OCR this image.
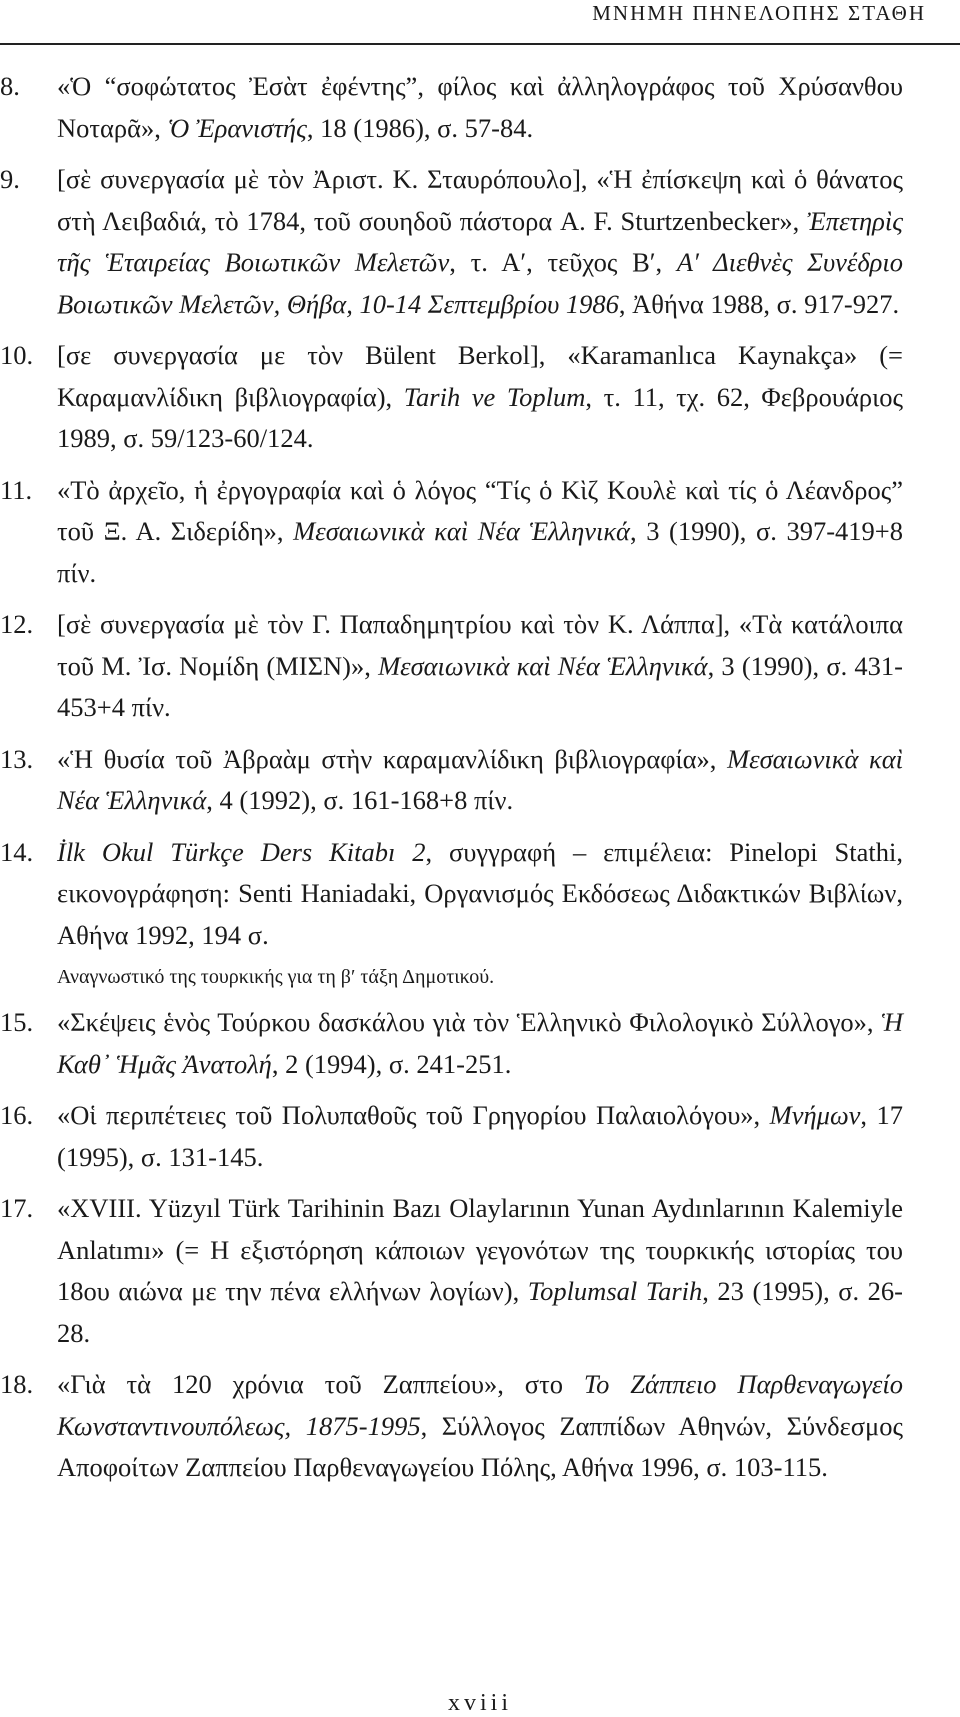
ΜΝΗΜΗ ΠΗΝΕΛΟΠΗΣ ΣΤΑΘΗ
8. «Ὁ “σοφώτατος Ἐσὰτ ἐφέντης”, φίλος καὶ ἀλληλογράφος τοῦ Χρύσανθου Νοταρᾶ», Ὁ Ἐρανιστής, 18 (1986), σ. 57-84.
9. [σὲ συνεργασία μὲ τὸν Ἀριστ. Κ. Σταυρόπουλο], «Ἡ ἐπίσκεψη καὶ ὁ θάνατος στὴ Λειβαδιά, τὸ 1784, τοῦ σουηδοῦ πάστορα A. F. Sturtzenbecker», Ἐπετηρὶς τῆς Ἑταιρείας Βοιωτικῶν Μελετῶν, τ. Α′, τεῦχος Β′, Α′ Διεθνὲς Συνέδριο Βοιωτικῶν Μελετῶν, Θήβα, 10-14 Σεπτεμβρίου 1986, Ἀθήνα 1988, σ. 917-927.
10. [σε συνεργασία με τὸν Bülent Berkol], «Karamanlıca Kaynakça» (= Καραμανλίδικη βιβλιογραφία), Tarih ve Toplum, τ. 11, τχ. 62, Φεβρουάριος 1989, σ. 59/123-60/124.
11. «Τὸ ἀρχεῖο, ἡ ἐργογραφία καὶ ὁ λόγος “Τίς ὁ Κὶζ Κουλὲ καὶ τίς ὁ Λέανδρος” τοῦ Ξ. Α. Σιδερίδη», Μεσαιωνικὰ καὶ Νέα Ἑλληνικά, 3 (1990), σ. 397-419+8 πίν.
12. [σὲ συνεργασία μὲ τὸν Γ. Παπαδημητρίου καὶ τὸν Κ. Λάππα], «Τὰ κατάλοιπα τοῦ Μ. Ἰσ. Νομίδη (ΜΙΣΝ)», Μεσαιωνικὰ καὶ Νέα Ἑλληνικά, 3 (1990), σ. 431-453+4 πίν.
13. «Ἡ θυσία τοῦ Ἀβραὰμ στὴν καραμανλίδικη βιβλιογραφία», Μεσαιωνικὰ καὶ Νέα Ἑλληνικά, 4 (1992), σ. 161-168+8 πίν.
14. İlk Okul Türkçe Ders Kitabı 2, συγγραφή – επιμέλεια: Pinelopi Stathi, εικονογράφηση: Senti Haniadaki, Οργανισμός Εκδόσεως Διδακτικών Βιβλίων, Αθήνα 1992, 194 σ.
Αναγνωστικό της τουρκικής για τη β′ τάξη Δημοτικού.
15. «Σκέψεις ἑνὸς Τούρκου δασκάλου γιὰ τὸν Ἑλληνικὸ Φιλολογικὸ Σύλλογο», Ἡ Καθ᾽ Ἡμᾶς Ἀνατολή, 2 (1994), σ. 241-251.
16. «Οἱ περιπέτειες τοῦ Πολυπαθοῦς τοῦ Γρηγορίου Παλαιολόγου», Μνήμων, 17 (1995), σ. 131-145.
17. «XVIII. Yüzyıl Türk Tarihinin Bazı Olaylarının Yunan Aydınlarının Kalemiyle Anlatımı» (= Η εξιστόρηση κάποιων γεγονότων της τουρκικής ιστορίας του 18ου αιώνα με την πένα ελλήνων λογίων), Toplumsal Tarih, 23 (1995), σ. 26-28.
18. «Γιὰ τὰ 120 χρόνια τοῦ Ζαππείου», στο Το Ζάππειο Παρθεναγωγείο Κωνσταντινουπόλεως, 1875-1995, Σύλλογος Ζαππίδων Αθηνών, Σύνδεσμος Αποφοίτων Ζαππείου Παρθεναγωγείου Πόλης, Αθήνα 1996, σ. 103-115.
xviii
